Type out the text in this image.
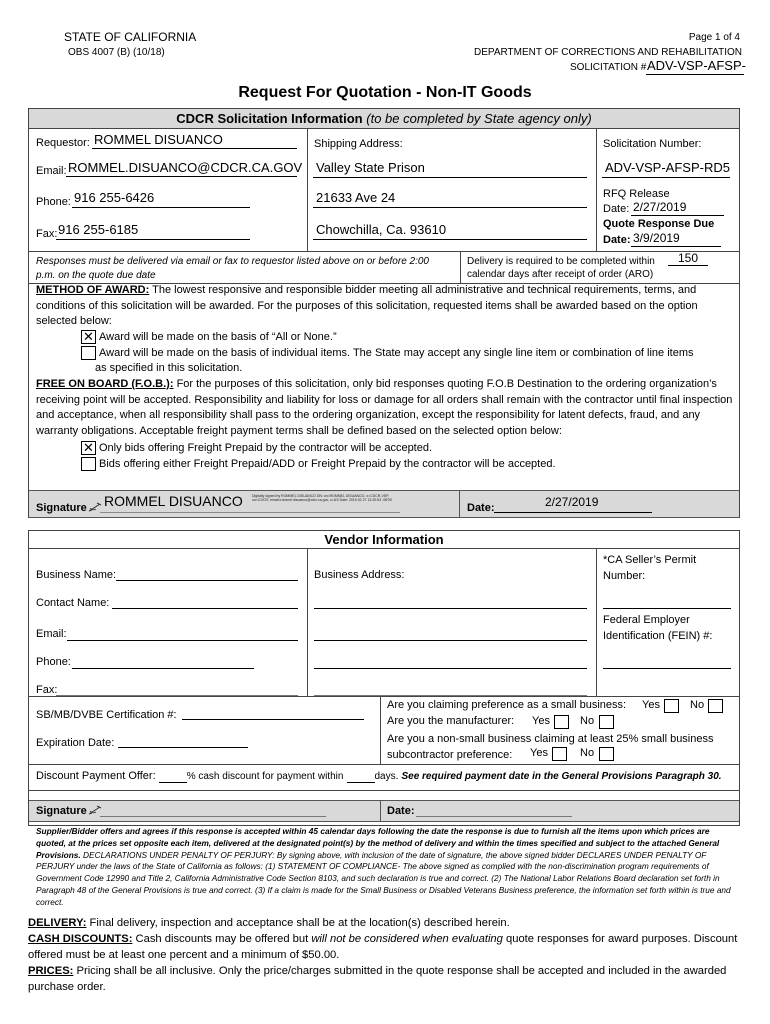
STATE OF CALIFORNIA
OBS 4007 (B) (10/18)
Page 1 of 4
DEPARTMENT OF CORRECTIONS AND REHABILITATION
SOLICITATION # ADV-VSP-AFSP-
Request For Quotation - Non-IT Goods
CDCR Solicitation Information (to be completed by State agency only)
Requestor: ROMMEL DISUANCO
Email: ROMMEL.DISUANCO@CDCR.CA.GOV
Phone: 916 255-6426
Fax: 916 255-6185
Shipping Address:
Valley State Prison
21633 Ave 24
Chowchilla, Ca. 93610
Solicitation Number:
ADV-VSP-AFSP-RD5
RFQ Release
Date: 2/27/2019
Quote Response Due
Date: 3/9/2019
Responses must be delivered via email or fax to requestor listed above on or before 2:00 p.m. on the quote due date
Delivery is required to be completed within 150
calendar days after receipt of order (ARO)
METHOD OF AWARD: The lowest responsive and responsible bidder meeting all administrative and technical requirements, terms, and conditions of this solicitation will be awarded. For the purposes of this solicitation, requested items shall be awarded based on the option selected below:
✕ Award will be made on the basis of “All or None.”
Award will be made on the basis of individual items. The State may accept any single line item or combination of line items
as specified in this solicitation.
FREE ON BOARD (F.O.B.): For the purposes of this solicitation, only bid responses quoting F.O.B Destination to the ordering organization’s receiving point will be accepted. Responsibility and liability for loss or damage for all orders shall remain with the contractor until final inspection and acceptance, when all responsibility shall pass to the ordering organization, except the responsibility for latent defects, fraud, and any warranty obligations. Acceptable freight payment terms shall be defined based on the selected option below:
✕ Only bids offering Freight Prepaid by the contractor will be accepted.
Bids offering either Freight Prepaid/ADD or Freight Prepaid by the contractor will be accepted.
Signature ROMMEL DISUANCO	Digitally signed by ROMMEL DISUANCO DN: cn=ROMMEL DISUANCO, o=CDCR-VSP, ou=CDCR, email=rommel.disuanco@cdcr.ca.gov, c=US Date: 2019.02.27 13:20:53 -08'00'
Date:	2/27/2019
Vendor Information
Business Name:
Contact Name:
Email:
Phone:
Fax:
Business Address:
*CA Seller’s Permit Number:
Federal Employer Identification (FEIN) #:
SB/MB/DVBE Certification #:
Expiration Date:
Are you claiming preference as a small business: Yes	No
Are you the manufacturer: Yes	No
Are you a non-small business claiming at least 25% small business subcontractor preference:	Yes	No
Discount Payment Offer:	% cash discount for payment within	days. See required payment date in the General Provisions Paragraph 30.
Signature	Date:
Supplier/Bidder offers and agrees if this response is accepted within 45 calendar days following the date the response is due to furnish all the items upon which prices are quoted, at the prices set opposite each item, delivered at the designated point(s) by the method of delivery and within the times specified and subject to the attached General Provisions. DECLARATIONS UNDER PENALTY OF PERJURY: By signing above, with inclusion of the date of signature, the above signed bidder DECLARES UNDER PENALTY OF PERJURY under the laws of the State of California as follows: (1) STATEMENT OF COMPLIANCE- The above signed as complied with the non-discrimination program requirements of Government Code 12990 and Title 2, California Administrative Code Section 8103, and such declaration is true and correct. (2) The National Labor Relations Board declaration set forth in Paragraph 48 of the General Provisions is true and correct. (3) If a claim is made for the Small Business or Disabled Veterans Business preference, the information set forth within is true and correct.
DELIVERY: Final delivery, inspection and acceptance shall be at the location(s) described herein.
CASH DISCOUNTS: Cash discounts may be offered but will not be considered when evaluating quote responses for award purposes. Discount offered must be at least one percent and a minimum of $50.00.
PRICES: Pricing shall be all inclusive. Only the price/charges submitted in the quote response shall be accepted and included in the awarded purchase order.
